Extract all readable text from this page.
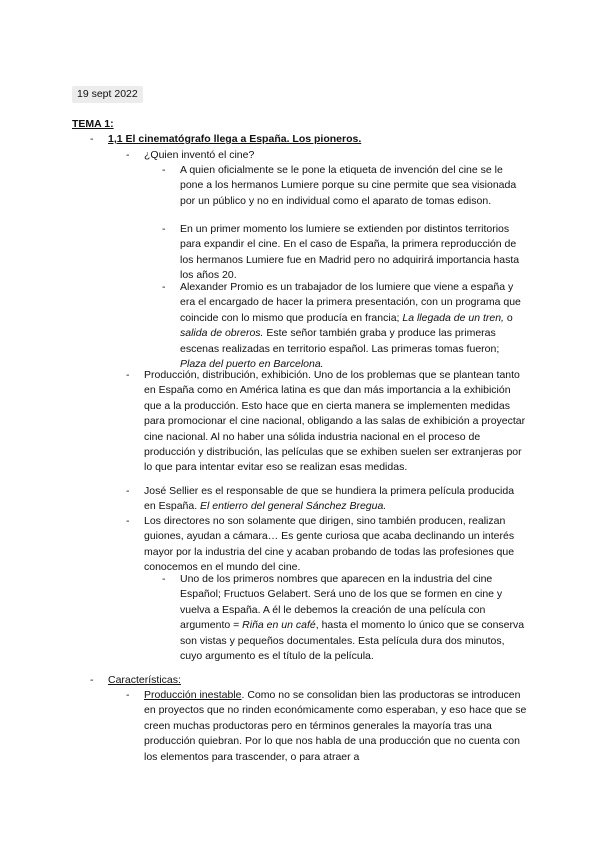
19 sept 2022
TEMA 1:
- 1,1 El cinematógrafo llega a España. Los pioneros.
- ¿Quien inventó el cine?
- A quien oficialmente se le pone la etiqueta de invención del cine se le pone a los hermanos Lumiere porque su cine permite que sea visionada por un público y no en individual como el aparato de tomas edison.
- En un primer momento los lumiere se extienden por distintos territorios para expandir el cine. En el caso de España, la primera reproducción de los hermanos Lumiere fue en Madrid pero no adquirirá importancia hasta los años 20.
- Alexander Promio es un trabajador de los lumiere que viene a españa y era el encargado de hacer la primera presentación, con un programa que coincide con lo mismo que producía en francia; La llegada de un tren, o salida de obreros. Este señor también graba y produce las primeras escenas realizadas en territorio español. Las primeras tomas fueron; Plaza del puerto en Barcelona.
- Producción, distribución, exhibición. Uno de los problemas que se plantean tanto en España como en América latina es que dan más importancia a la exhibición que a la producción. Esto hace que en cierta manera se implementen medidas para promocionar el cine nacional, obligando a las salas de exhibición a proyectar cine nacional. Al no haber una sólida industria nacional en el proceso de producción y distribución, las películas que se exhiben suelen ser extranjeras por lo que para intentar evitar eso se realizan esas medidas.
- José Sellier es el responsable de que se hundiera la primera película producida en España. El entierro del general Sánchez Bregua.
- Los directores no son solamente que dirigen, sino también producen, realizan guiones, ayudan a cámara… Es gente curiosa que acaba declinando un interés mayor por la industria del cine y acaban probando de todas las profesiones que conocemos en el mundo del cine.
- Uno de los primeros nombres que aparecen en la industria del cine Español; Fructuos Gelabert. Será uno de los que se formen en cine y vuelva a España. A él le debemos la creación de una película con argumento = Riña en un café, hasta el momento lo único que se conserva son vistas y pequeños documentales. Esta película dura dos minutos, cuyo argumento es el título de la película.
- Características:
- Producción inestable. Como no se consolidan bien las productoras se introducen en proyectos que no rinden económicamente como esperaban, y eso hace que se creen muchas productoras pero en términos generales la mayoría tras una producción quiebran. Por lo que nos habla de una producción que no cuenta con los elementos para trascender, o para atraer a
